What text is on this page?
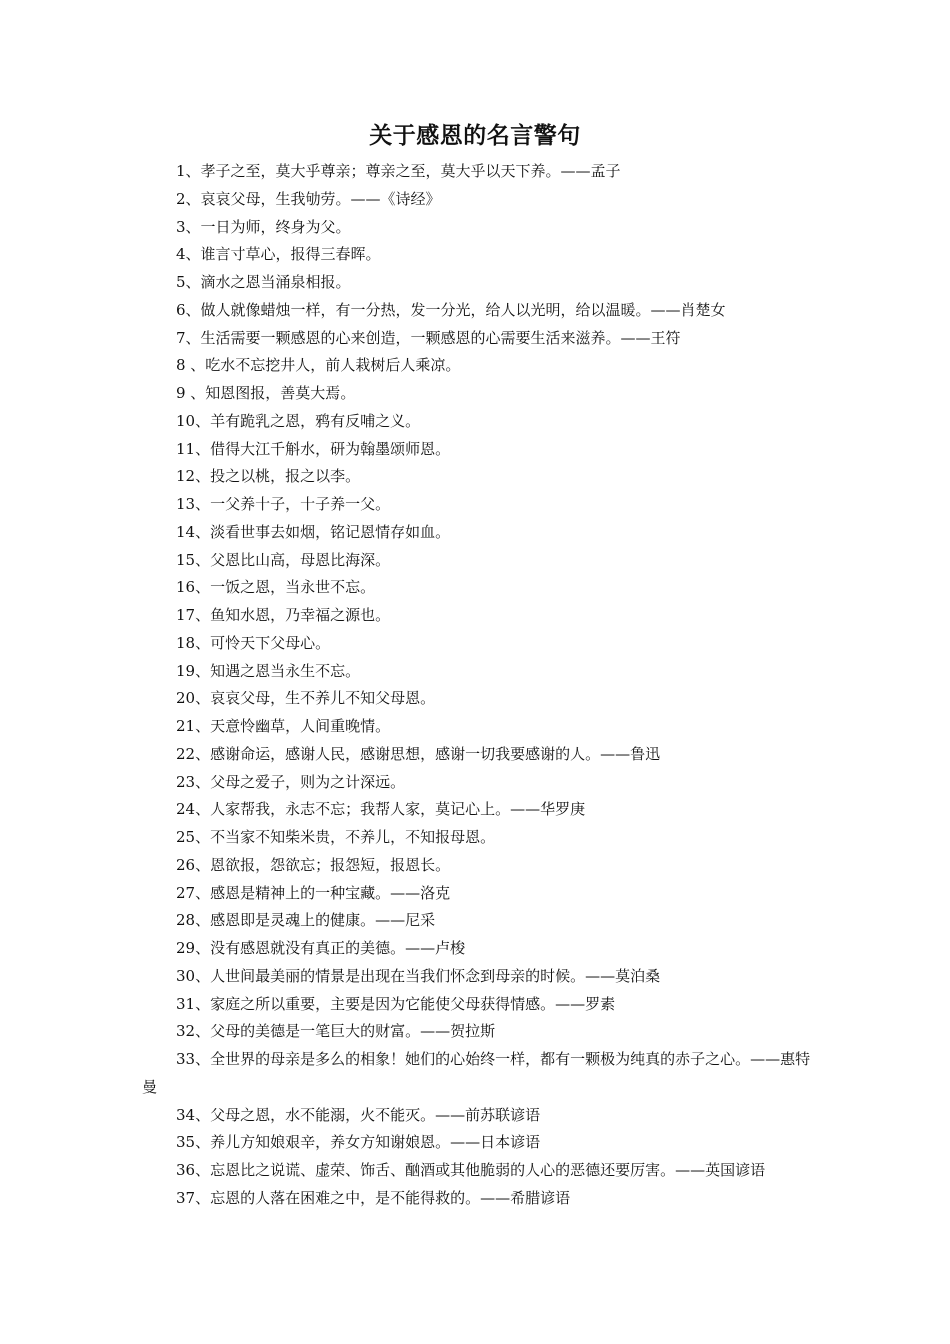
关于感恩的名言警句
1、孝子之至，莫大乎尊亲；尊亲之至，莫大乎以天下养。——孟子
2、哀哀父母，生我劬劳。——《诗经》
3、一日为师，终身为父。
4、谁言寸草心，报得三春晖。
5、滴水之恩当涌泉相报。
6、做人就像蜡烛一样，有一分热，发一分光，给人以光明，给以温暖。——肖楚女
7、生活需要一颗感恩的心来创造，一颗感恩的心需要生活来滋养。——王符
8 、吃水不忘挖井人，前人栽树后人乘凉。
9 、知恩图报，善莫大焉。
10、羊有跪乳之恩，鸦有反哺之义。
11、借得大江千斛水，研为翰墨颂师恩。
12、投之以桃，报之以李。
13、一父养十子，十子养一父。
14、淡看世事去如烟，铭记恩情存如血。
15、父恩比山高，母恩比海深。
16、一饭之恩，当永世不忘。
17、鱼知水恩，乃幸福之源也。
18、可怜天下父母心。
19、知遇之恩当永生不忘。
20、哀哀父母，生不养儿不知父母恩。
21、天意怜幽草，人间重晚情。
22、感谢命运，感谢人民，感谢思想，感谢一切我要感谢的人。——鲁迅
23、父母之爱子，则为之计深远。
24、人家帮我，永志不忘；我帮人家，莫记心上。——华罗庚
25、不当家不知柴米贵，不养儿，不知报母恩。
26、恩欲报，怨欲忘；报怨短，报恩长。
27、感恩是精神上的一种宝藏。——洛克
28、感恩即是灵魂上的健康。——尼采
29、没有感恩就没有真正的美德。——卢梭
30、人世间最美丽的情景是出现在当我们怀念到母亲的时候。——莫泊桑
31、家庭之所以重要，主要是因为它能使父母获得情感。——罗素
32、父母的美德是一笔巨大的财富。——贺拉斯
33、全世界的母亲是多么的相象！她们的心始终一样，都有一颗极为纯真的赤子之心。——惠特曼
34、父母之恩，水不能溺，火不能灭。——前苏联谚语
35、养儿方知娘艰辛，养女方知谢娘恩。——日本谚语
36、忘恩比之说谎、虚荣、饰舌、酗酒或其他脆弱的人心的恶德还要厉害。——英国谚语
37、忘恩的人落在困难之中，是不能得救的。——希腊谚语
